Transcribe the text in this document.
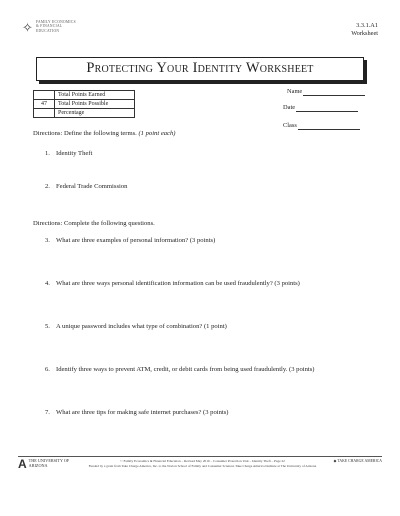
✧ FAMILY ECONOMICS & FINANCIAL EDUCATION
3.3.1.A1
Worksheet
Protecting Your Identity Worksheet
	Total Points Earned
47	Total Points Possible
	Percentage
Name
Date
Class
Directions: Define the following terms. (1 point each)
1. Identity Theft
2. Federal Trade Commission
Directions: Complete the following questions.
3. What are three examples of personal information? (3 points)
4. What are three ways personal identification information can be used fraudulently? (3 points)
5. A unique password includes what type of combination? (1 point)
6. Identify three ways to prevent ATM, credit, or debit cards from being used fraudulently. (3 points)
7. What are three tips for making safe internet purchases? (3 points)
A THE UNIVERSITY OF ARIZONA
© Family Economics & Financial Education – Revised May 2010 – Consumer Protection Unit – Identity Theft – Page 22
Funded by a grant from Take Charge America, Inc. to the Norton School of Family and Consumer Sciences Take Charge America Institute at The University of Arizona
◆ TAKE CHARGE AMERICA
